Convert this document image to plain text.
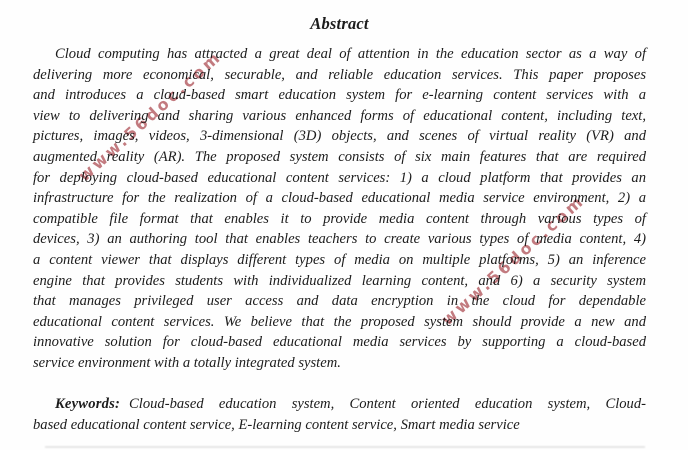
Abstract
Cloud computing has attracted a great deal of attention in the education sector as a way of
delivering more economical, securable, and reliable education services. This paper proposes
and introduces a cloud-based smart education system for e-learning content services with a
view to delivering and sharing various enhanced forms of educational content, including text,
pictures, images, videos, 3-dimensional (3D) objects, and scenes of virtual reality (VR) and
augmented reality (AR). The proposed system consists of six main features that are required
for deploying cloud-based educational content services: 1) a cloud platform that provides an
infrastructure for the realization of a cloud-based educational media service environment, 2) a
compatible file format that enables it to provide media content through various types of
devices, 3) an authoring tool that enables teachers to create various types of media content, 4)
a content viewer that displays different types of media on multiple platforms, 5) an inference
engine that provides students with individualized learning content, and 6) a security system
that manages privileged user access and data encryption in the cloud for dependable
educational content services. We believe that the proposed system should provide a new and
innovative solution for cloud-based educational media services by supporting a cloud-based
service environment with a totally integrated system.
Keywords: Cloud-based education system, Content oriented education system, Cloud-
based educational content service, E-learning content service, Smart media service
www.56doc.com
www.56doc.com
